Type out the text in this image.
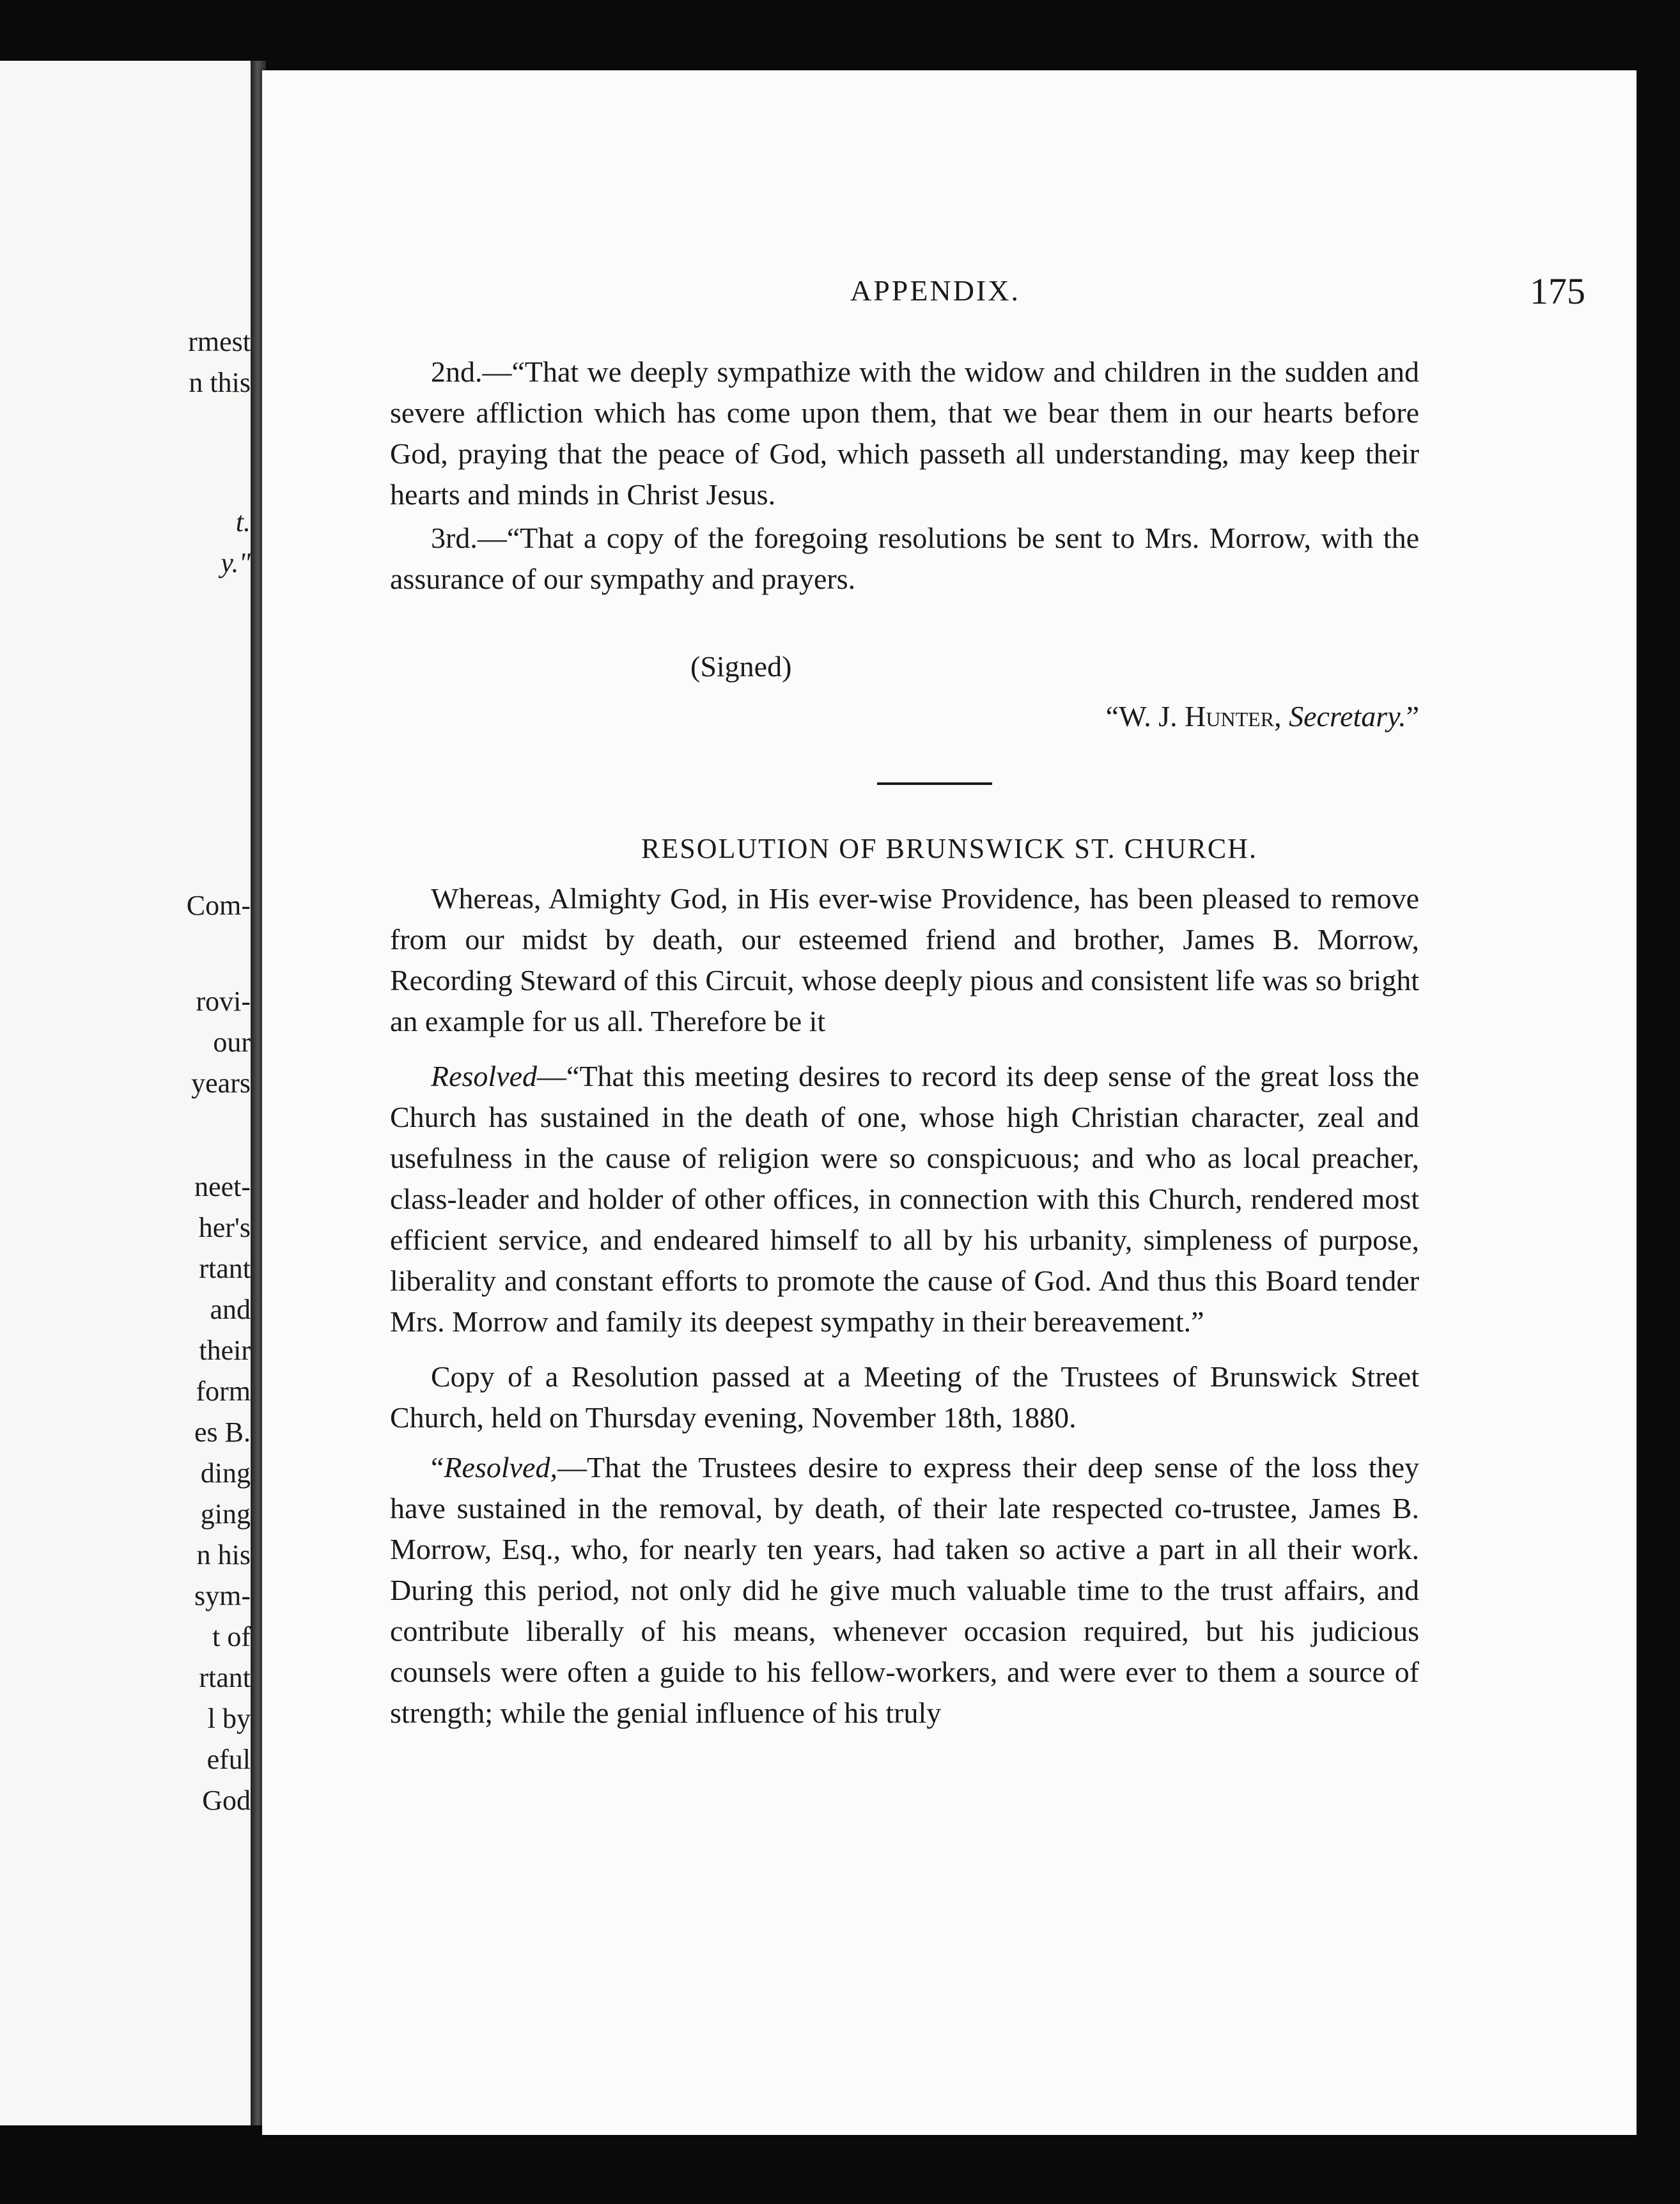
rmest
n this
t.
y."
Com-
rovi-
our
years
neet-
her's
rtant
and
their
form
es B.
ding
ging
n his
sym-
t of
rtant
l by
eful
God
APPENDIX.	175

2nd.—“That we deeply sympathize with the widow and children in the sudden and severe affliction which has come upon them, that we bear them in our hearts before God, praying that the peace of God, which passeth all understanding, may keep their hearts and minds in Christ Jesus.

3rd.—“That a copy of the foregoing resolutions be sent to Mrs. Morrow, with the assurance of our sympathy and prayers.

(Signed)
“W. J. Hunter, Secretary.”
RESOLUTION OF BRUNSWICK ST. CHURCH.

Whereas, Almighty God, in His ever-wise Providence, has been pleased to remove from our midst by death, our esteemed friend and brother, James B. Morrow, Recording Steward of this Circuit, whose deeply pious and consistent life was so bright an example for us all. Therefore be it

Resolved—“That this meeting desires to record its deep sense of the great loss the Church has sustained in the death of one, whose high Christian character, zeal and usefulness in the cause of religion were so conspicuous; and who as local preacher, class-leader and holder of other offices, in connection with this Church, rendered most efficient service, and endeared himself to all by his urbanity, simpleness of purpose, liberality and constant efforts to promote the cause of God. And thus this Board tender Mrs. Morrow and family its deepest sympathy in their bereavement.”

Copy of a Resolution passed at a Meeting of the Trustees of Brunswick Street Church, held on Thursday evening, November 18th, 1880.

“Resolved,—That the Trustees desire to express their deep sense of the loss they have sustained in the removal, by death, of their late respected co-trustee, James B. Morrow, Esq., who, for nearly ten years, had taken so active a part in all their work. During this period, not only did he give much valuable time to the trust affairs, and contribute liberally of his means, whenever occasion required, but his judicious counsels were often a guide to his fellow-workers, and were ever to them a source of strength; while the genial influence of his truly
